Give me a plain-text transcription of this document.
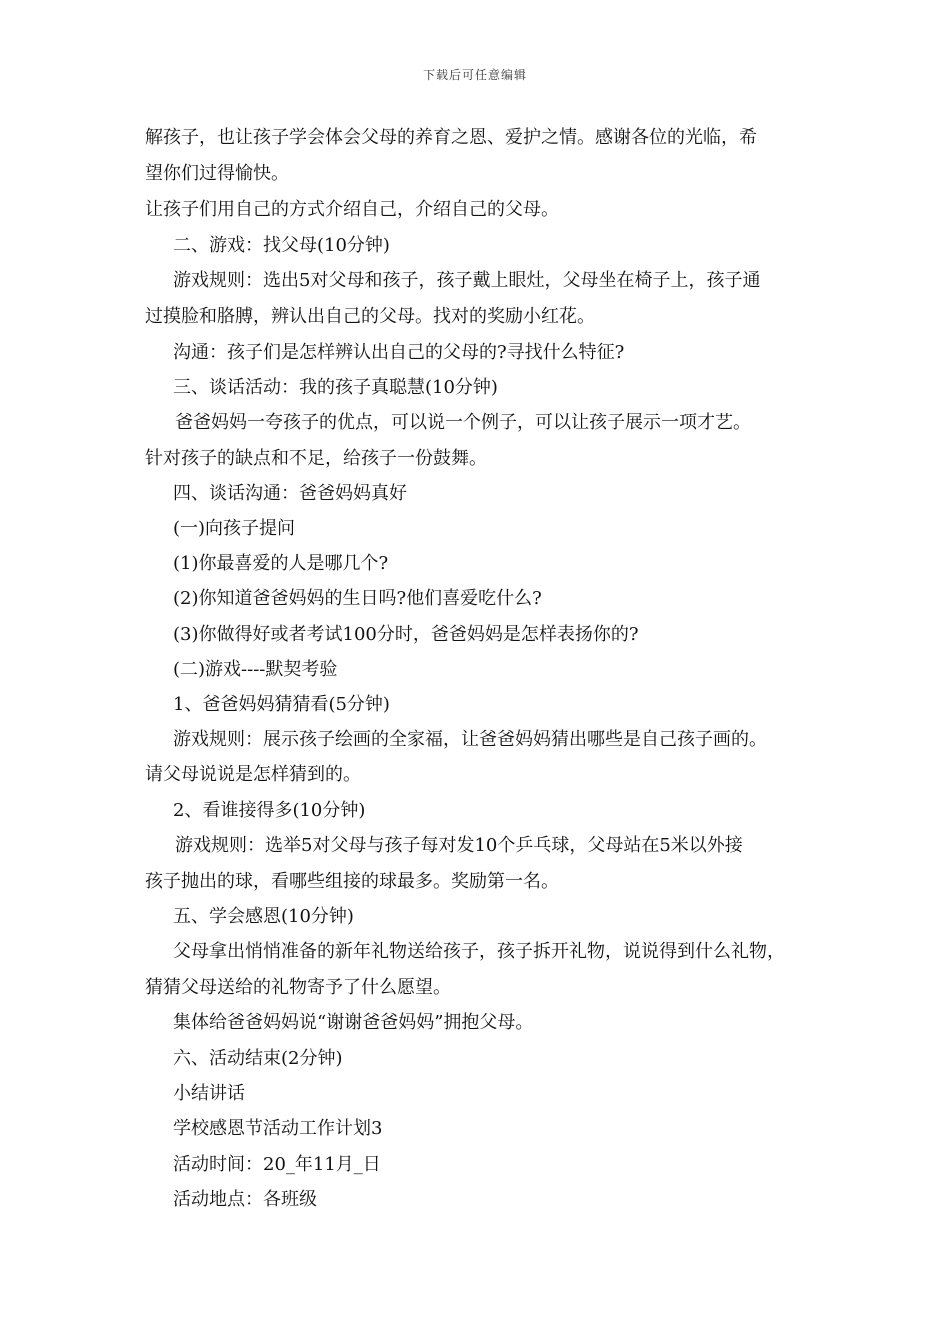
下载后可任意编辑
解孩子，也让孩子学会体会父母的养育之恩、爱护之情。感谢各位的光临，希
望你们过得愉快。
让孩子们用自己的方式介绍自己，介绍自己的父母。
二、游戏：找父母(10分钟)
游戏规则：选出5对父母和孩子，孩子戴上眼灶，父母坐在椅子上，孩子通
过摸脸和胳膊，辨认出自己的父母。找对的奖励小红花。
沟通：孩子们是怎样辨认出自己的父母的?寻找什么特征?
三、谈话活动：我的孩子真聪慧(10分钟)
爸爸妈妈一夸孩子的优点，可以说一个例子，可以让孩子展示一项才艺。
针对孩子的缺点和不足，给孩子一份鼓舞。
四、谈话沟通：爸爸妈妈真好
(一)向孩子提问
(1)你最喜爱的人是哪几个?
(2)你知道爸爸妈妈的生日吗?他们喜爱吃什么?
(3)你做得好或者考试100分时，爸爸妈妈是怎样表扬你的?
(二)游戏----默契考验
1、爸爸妈妈猜猜看(5分钟)
游戏规则：展示孩子绘画的全家福，让爸爸妈妈猜出哪些是自己孩子画的。
请父母说说是怎样猜到的。
2、看谁接得多(10分钟)
游戏规则：选举5对父母与孩子每对发10个乒乓球，父母站在5米以外接
孩子抛出的球，看哪些组接的球最多。奖励第一名。
五、学会感恩(10分钟)
父母拿出悄悄准备的新年礼物送给孩子，孩子拆开礼物，说说得到什么礼物，
猜猜父母送给的礼物寄予了什么愿望。
集体给爸爸妈妈说“谢谢爸爸妈妈”拥抱父母。
六、活动结束(2分钟)
小结讲话
学校感恩节活动工作计划3
活动时间：20_年11月_日
活动地点：各班级
